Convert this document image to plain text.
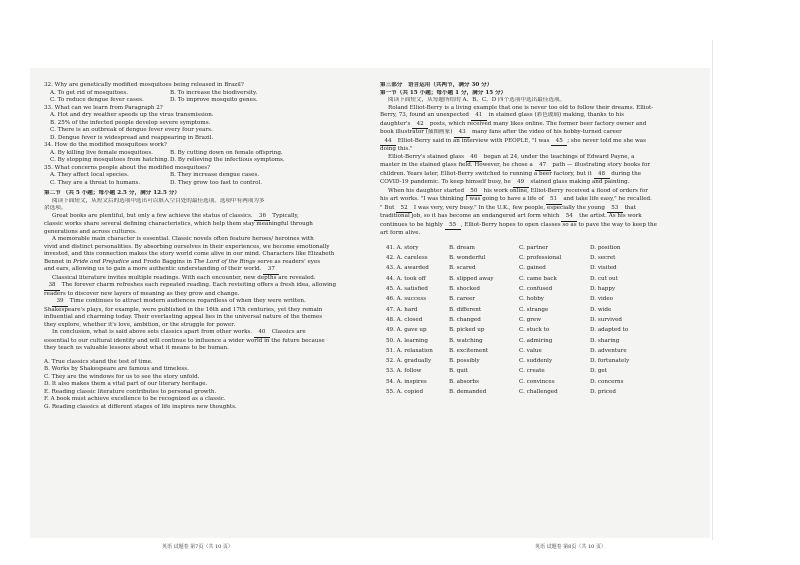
32. Why are genetically modified mosquitoes being released in Brazil?
A. To get rid of mosquitoes.	B. To increase the biodiversity.
C. To reduce dengue fever cases.	D. To improve mosquito genes.
33. What can we learn from Paragraph 2?
A. Hot and dry weather speeds up the virus transmission.
B. 25% of the infected people develop severe symptoms.
C. There is an outbreak of dengue fever every four years.
D. Dengue fever is widespread and reappearing in Brazil.
34. How do the modified mosquitoes work?
A. By killing live female mosquitoes.	B. By cutting down on female offspring.
C. By stopping mosquitoes from hatching. D. By relieving the infectious symptoms.
35. What concerns people about the modified mosquitoes?
A. They affect local species.	B. They increase dengue cases.
C. They are a threat to humans.	D. They grow too fast to control.
第二节 （共 5 小题；每小题 2.5 分，满分 12.5 分）
阅读下面短文，从短文后的选项中选出可以填入空白处的最佳选项。选项中有两项为多
余选项。
Great books are plentiful, but only a few achieve the status of classics. 36 Typically,
classic works share several defining characteristics, which help them stay meaningful through
generations and across cultures.
A memorable main character is essential. Classic novels often feature heroes/ heroines with
vivid and distinct personalities. By absorbing ourselves in their experiences, we become emotionally
invested, and this connection makes the story world come alive in our mind. Characters like Elizabeth
Bennet in Pride and Prejudice and Frodo Baggins in The Lord of the Rings serve as readers' eyes
and ears, allowing us to gain a more authentic understanding of their world. 37
Classical literature invites multiple readings. With each encounter, new depths are revealed.
38 The forever charm refreshes each repeated reading. Each revisiting offers a fresh idea, allowing
readers to discover new layers of meaning as they grow and change.
39 Time continues to attract modern audiences regardless of when they were written.
Shakespeare's plays, for example, were published in the 16th and 17th centuries, yet they remain
influential and charming today. Their everlasting appeal lies in the universal nature of the themes
they explore, whether it's love, ambition, or the struggle for power.
In conclusion, what is said above sets classics apart from other works. 40 Classics are
essential to our cultural identity and will continue to influence a wider world in the future because
they teach us valuable lessons about what it means to be human.
A. True classics stand the test of time.
B. Works by Shakespeare are famous and timeless.
C. They are the windows for us to see the story unfold.
D. It also makes them a vital part of our literary heritage.
E. Reading classic literature contributes to personal growth.
F. A book must achieve excellence to be recognized as a classic.
G. Reading classics at different stages of life inspires new thoughts.
第三部分　语言运用（共两节，满分 30 分）
第一节（共 15 小题；每小题 1 分，满分 15 分）
阅读下面短文，从每题所给的 A、B、C、D 四个选项中选出最佳选项。
Roland Elliot-Berry is a living example that one is never too old to follow their dreams. Elliot-
Berry, 73, found an unexpected 41 in stained glass (彩色玻璃) making, thanks to his
daughter's 42 posts, which received many likes online. The former beer factory owner and
book illustrator (插图画家) 43 many fans after the video of his hobby-turned career
44 Elliot-Berry said in an interview with PEOPLE, "I was 45 ; she never told me she was
doing this."
Elliot-Berry's stained glass 46 began at 24, under the teachings of Edward Payne, a
master in the stained glass field. However, he chose a 47 path — illustrating story books for
children. Years later, Elliot-Berry switched to running a beer factory, but it 48 during the
COVID-19 pandemic. To keep himself busy, he 49 stained glass making and painting.
When his daughter started 50 his work online, Elliot-Berry received a flood of orders for
his art works. "I was thinking I was going to have a life of 51 and take life easy," he recalled.
" But 52 I was very, very busy." In the U.K., few people, especially the young 53 that
traditional job, so it has become an endangered art form which 54 the artist. As his work
continues to be highly 55 , Elliot-Berry hopes to open classes so as to pave the way to keep the
art form alive.
41. A. story	B. dream	C. partner	D. position
42. A. careless	B. wonderful	C. professional	D. secret
43. A. awarded	B. scared	C. gained	D. visited
44. A. took off	B. slipped away	C. came back	D. cut out
45. A. satisfied	B. shocked	C. confused	D. happy
46. A. success	B. career	C. hobby	D. video
47. A. hard	B. different	C. strange	D. wide
48. A. closed	B. changed	C. grew	D. survived
49. A. gave up	B. picked up	C. stuck to	D. adapted to
50. A. learning	B. watching	C. admiring	D. sharing
51. A. relaxation	B. excitement	C. value	D. adventure
52. A. gradually	B. possibly	C. suddenly	D. fortunately
53. A. follow	B. quit	C. create	D. get
54. A. inspires	B. absorbs	C. convinces	D. concerns
55. A. copied	B. demanded	C. challenged	D. priced
英语 试题卷 第7页（共 10 页）	英语 试题卷 第8页（共 10 页）
